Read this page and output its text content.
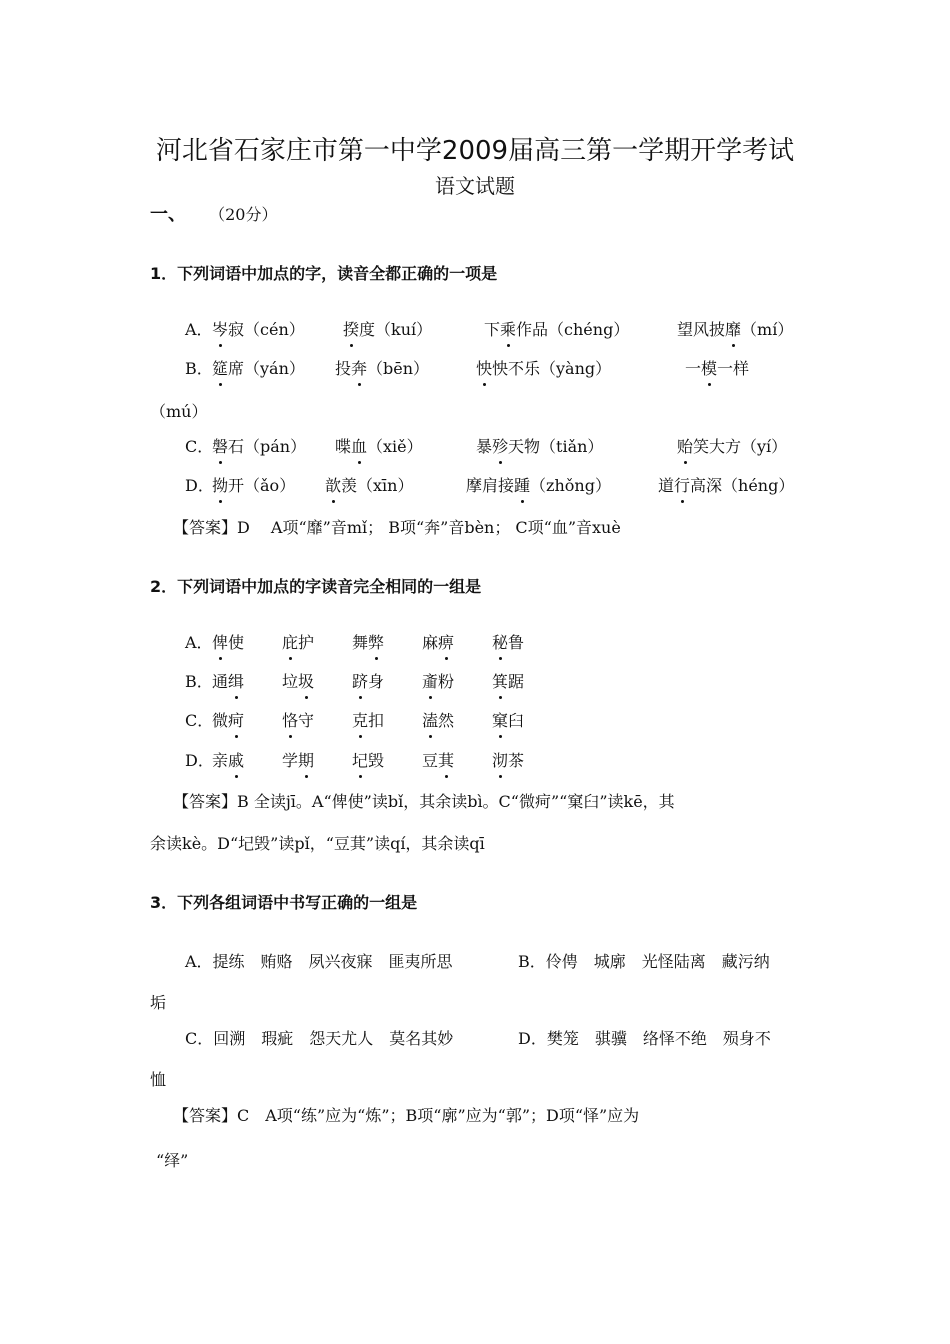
河北省石家庄市第一中学2009届高三第一学期开学考试
语文试题
一、 （20分）
1．下列词语中加点的字，读音全都正确的一项是
A． 岑寂（cén） 揆度（kuí）	下乘作品（chéng）	望风披靡（mí）
B． 筵席（yán） 投奔（bēn）	怏怏不乐（yàng）	一模一样
（mú）
C．
磐石（pán） 喋血（xiě）	暴殄天物（tiǎn）	贻笑大方（yí）
D．
拗开（ǎo） 歆羡（xīn）	摩肩接踵（zhǒng）	道行高深（héng）
【答案】D　 A项“靡”音mǐ； B项“奔”音bèn； C项“血”音xuè
2．下列词语中加点的字读音完全相同的一组是
A． 俾使 庇护 舞弊 麻痹 秘鲁
B． 通缉 垃圾 跻身 齑粉 箕踞
C．
微疴 恪守 克扣 溘然 窠臼
D．
亲戚 学期 圮毁 豆萁 沏茶
【答案】B 全读jī。A“俾使”读bǐ，其余读bì。C“微疴”“窠臼”读kē，其
余读kè。D“圮毁”读pǐ，“豆萁”读qí，其余读qī
3．下列各组词语中书写正确的一组是
A．提练　贿赂　夙兴夜寐　匪夷所思	B．伶俜　城廓　光怪陆离　藏污纳
垢
C．回溯　瑕疵　怨天尤人　莫名其妙	D．樊笼　骐骥　络怿不绝　殒身不
恤
【答案】C　A项“练”应为“炼”；B项“廓”应为“郭”；D项“怿”应为
“绎”
